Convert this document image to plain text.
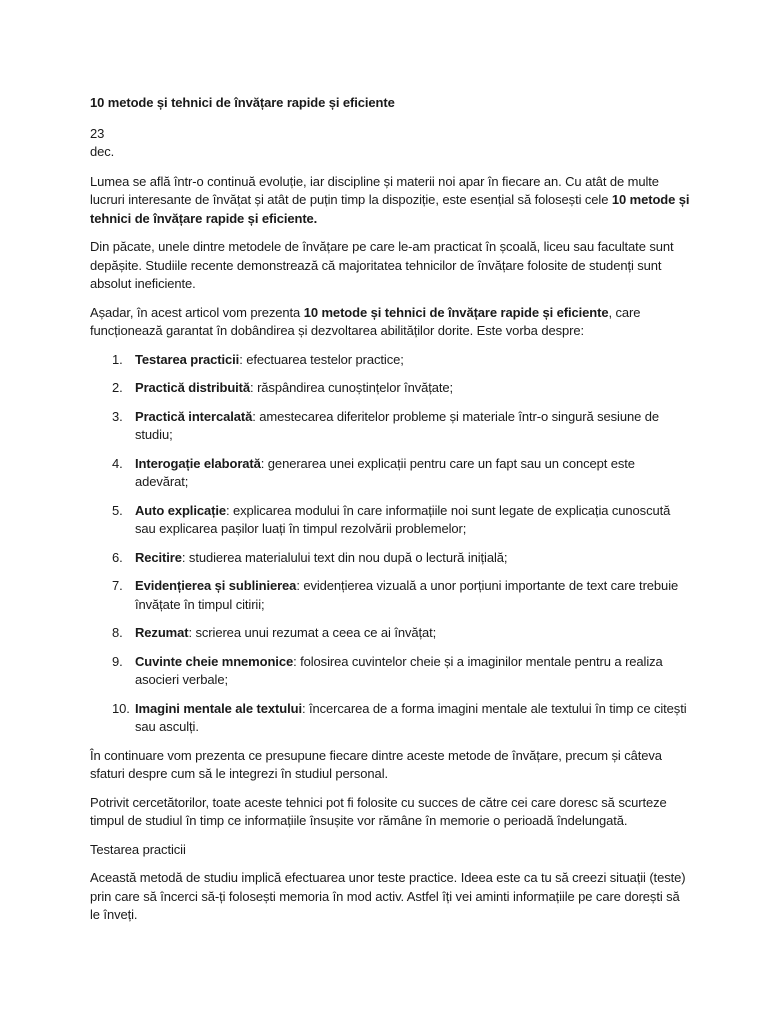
10 metode și tehnici de învățare rapide și eficiente
23
dec.

Lumea se află într-o continuă evoluție, iar discipline și materii noi apar în fiecare an. Cu atât de multe lucruri interesante de învățat și atât de puțin timp la dispoziție, este esențial să folosești cele 10 metode și tehnici de învățare rapide și eficiente.

Din păcate, unele dintre metodele de învățare pe care le-am practicat în școală, liceu sau facultate sunt depășite. Studiile recente demonstrează că majoritatea tehnicilor de învățare folosite de studenți sunt absolut ineficiente.

Așadar, în acest articol vom prezenta 10 metode și tehnici de învățare rapide și eficiente, care funcționează garantat în dobândirea și dezvoltarea abilităților dorite. Este vorba despre:

1. Testarea practicii: efectuarea testelor practice;
2. Practică distribuită: răspândirea cunoștințelor învățate;
3. Practică intercalată: amestecarea diferitelor probleme și materiale într-o singură sesiune de studiu;
4. Interogație elaborată: generarea unei explicații pentru care un fapt sau un concept este adevărat;
5. Auto explicație: explicarea modului în care informațiile noi sunt legate de explicația cunoscută sau explicarea pașilor luați în timpul rezolvării problemelor;
6. Recitire: studierea materialului text din nou după o lectură inițială;
7. Evidențierea și sublinierea: evidențierea vizuală a unor porțiuni importante de text care trebuie învățate în timpul citirii;
8. Rezumat: scrierea unui rezumat a ceea ce ai învățat;
9. Cuvinte cheie mnemonice: folosirea cuvintelor cheie și a imaginilor mentale pentru a realiza asocieri verbale;
10. Imagini mentale ale textului: încercarea de a forma imagini mentale ale textului în timp ce citești sau asculți.

În continuare vom prezenta ce presupune fiecare dintre aceste metode de învățare, precum și câteva sfaturi despre cum să le integrezi în studiul personal.

Potrivit cercetătorilor, toate aceste tehnici pot fi folosite cu succes de către cei care doresc să scurteze timpul de studiul în timp ce informațiile însușite vor rămâne în memorie o perioadă îndelungată.

Testarea practicii

Această metodă de studiu implică efectuarea unor teste practice. Ideea este ca tu să creezi situații (teste) prin care să încerci să-ți folosești memoria în mod activ. Astfel îți vei aminti informațiile pe care dorești să le înveți.
